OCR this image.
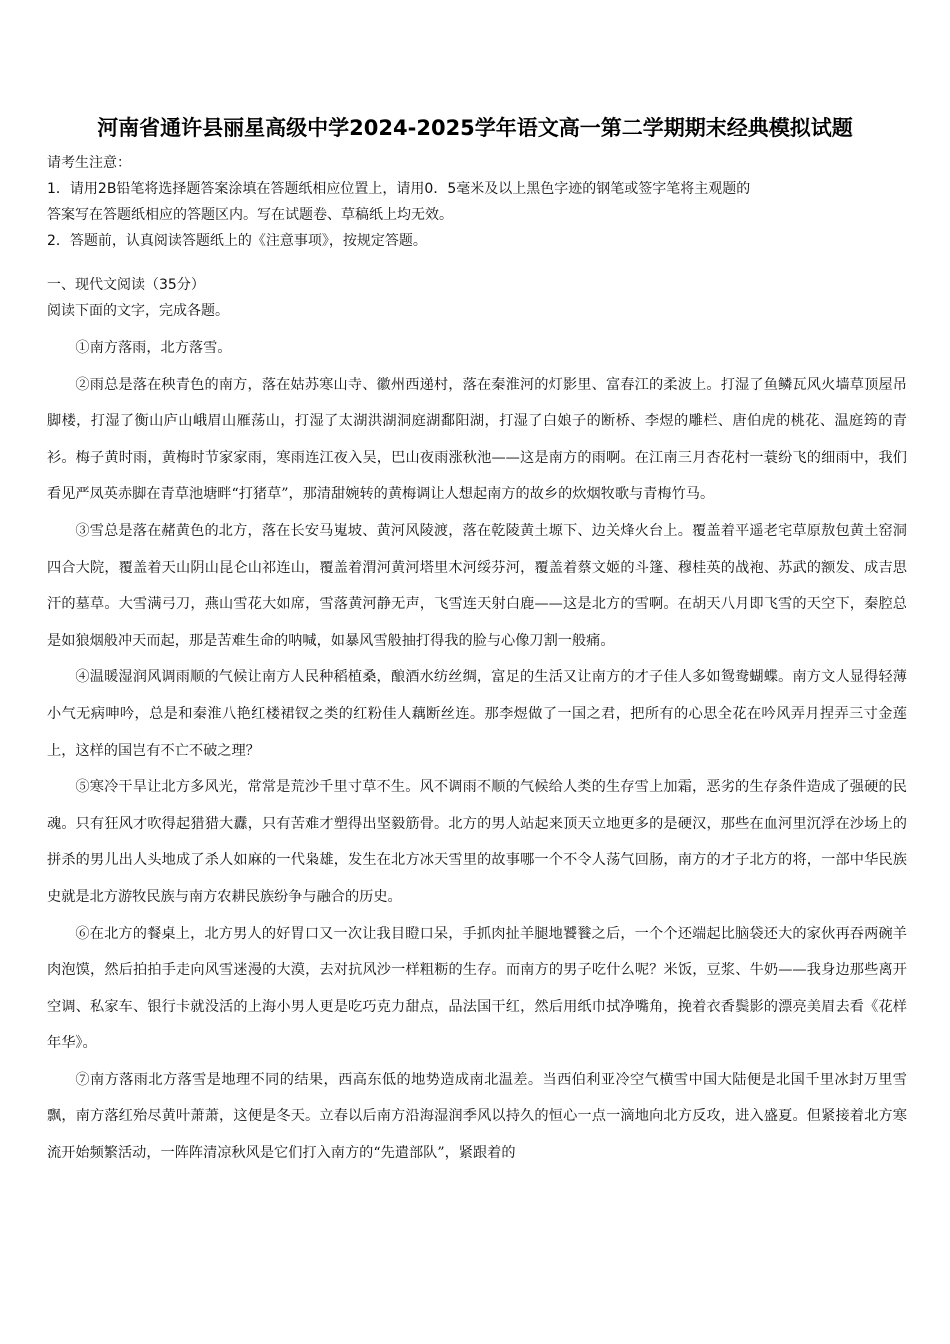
河南省通许县丽星高级中学2024-2025学年语文高一第二学期期末经典模拟试题
请考生注意：
1．请用2B铅笔将选择题答案涂填在答题纸相应位置上，请用0．5毫米及以上黑色字迹的钢笔或签字笔将主观题的
答案写在答题纸相应的答题区内。写在试题卷、草稿纸上均无效。
2．答题前，认真阅读答题纸上的《注意事项》，按规定答题。
一、现代文阅读（35分）
阅读下面的文字，完成各题。

①南方落雨，北方落雪。

②雨总是落在秧青色的南方，落在姑苏寒山寺、徽州西递村，落在秦淮河的灯影里、富春江的柔波上。打湿了鱼鳞瓦风火墙草顶屋吊脚楼，打湿了衡山庐山峨眉山雁荡山，打湿了太湖洪湖洞庭湖鄱阳湖，打湿了白娘子的断桥、李煜的雕栏、唐伯虎的桃花、温庭筠的青衫。梅子黄时雨，黄梅时节家家雨，寒雨连江夜入吴，巴山夜雨涨秋池——这是南方的雨啊。在江南三月杏花村一蓑纷飞的细雨中，我们看见严凤英赤脚在青草池塘畔“打猪草”，那清甜婉转的黄梅调让人想起南方的故乡的炊烟牧歌与青梅竹马。

③雪总是落在赭黄色的北方，落在长安马嵬坡、黄河风陵渡，落在乾陵黄土塬下、边关烽火台上。覆盖着平遥老宅草原敖包黄土窑洞四合大院，覆盖着天山阴山昆仑山祁连山，覆盖着渭河黄河塔里木河绥芬河，覆盖着蔡文姬的斗篷、穆桂英的战袍、苏武的额发、成吉思汗的墓草。大雪满弓刀，燕山雪花大如席，雪落黄河静无声，飞雪连天射白鹿——这是北方的雪啊。在胡天八月即飞雪的天空下，秦腔总是如狼烟般冲天而起，那是苦难生命的呐喊，如暴风雪般抽打得我的脸与心像刀割一般痛。

④温暖湿润风调雨顺的气候让南方人民种稻植桑，酿酒水纺丝绸，富足的生活又让南方的才子佳人多如鸳鸯蝴蝶。南方文人显得轻薄小气无病呻吟，总是和秦淮八艳红楼裙钗之类的红粉佳人藕断丝连。那李煜做了一国之君，把所有的心思全花在吟风弄月捏弄三寸金莲上，这样的国岂有不亡不破之理？

⑤寒冷干旱让北方多风光，常常是荒沙千里寸草不生。风不调雨不顺的气候给人类的生存雪上加霜，恶劣的生存条件造成了强硬的民魂。只有狂风才吹得起猎猎大纛，只有苦难才塑得出坚毅筋骨。北方的男人站起来顶天立地更多的是硬汉，那些在血河里沉浮在沙场上的拼杀的男儿出人头地成了杀人如麻的一代枭雄，发生在北方冰天雪里的故事哪一个不令人荡气回肠，南方的才子北方的将，一部中华民族史就是北方游牧民族与南方农耕民族纷争与融合的历史。

⑥在北方的餐桌上，北方男人的好胃口又一次让我目瞪口呆，手抓肉扯羊腿地饕餮之后，一个个还端起比脑袋还大的家伙再吞两碗羊肉泡馍，然后拍拍手走向风雪迷漫的大漠，去对抗风沙一样粗粝的生存。而南方的男子吃什么呢？米饭，豆浆、牛奶——我身边那些离开空调、私家车、银行卡就没活的上海小男人更是吃巧克力甜点，品法国干红，然后用纸巾拭净嘴角，挽着衣香鬓影的漂亮美眉去看《花样年华》。

⑦南方落雨北方落雪是地理不同的结果，西高东低的地势造成南北温差。当西伯利亚冷空气横雪中国大陆便是北国千里冰封万里雪飘，南方落红殆尽黄叶萧萧，这便是冬天。立春以后南方沿海湿润季风以持久的恒心一点一滴地向北方反攻，进入盛夏。但紧接着北方寒流开始频繁活动，一阵阵清凉秋风是它们打入南方的“先遣部队”，紧跟着的
